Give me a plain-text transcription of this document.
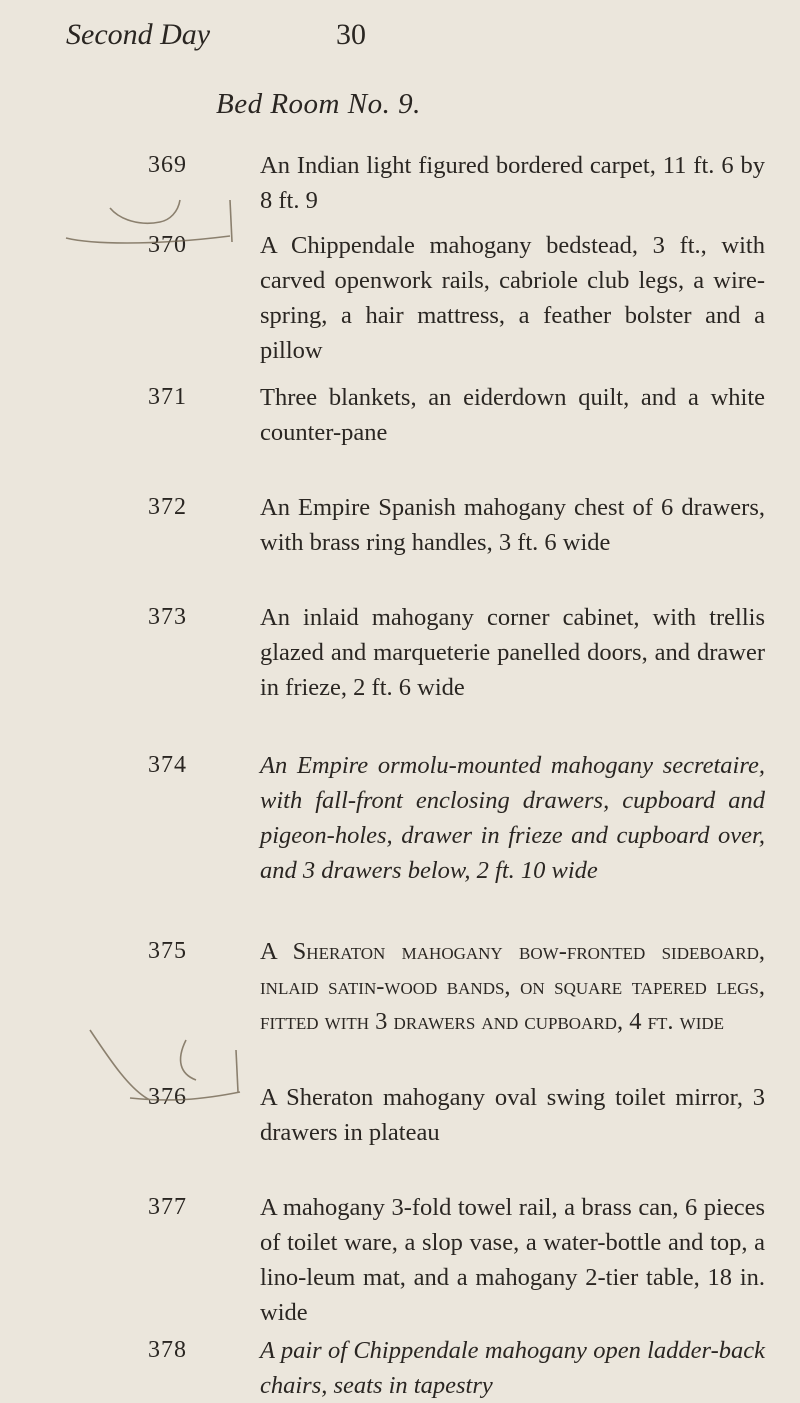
Second Day	30
Bed Room No. 9.
369	An Indian light figured bordered carpet, 11 ft. 6 by 8 ft. 9
370	A Chippendale mahogany bedstead, 3 ft., with carved openwork rails, cabriole club legs, a wire-spring, a hair mattress, a feather bolster and a pillow
371	Three blankets, an eiderdown quilt, and a white counter-pane
372	An Empire Spanish mahogany chest of 6 drawers, with brass ring handles, 3 ft. 6 wide
373	An inlaid mahogany corner cabinet, with trellis glazed and marqueterie panelled doors, and drawer in frieze, 2 ft. 6 wide
374	An Empire ormolu-mounted mahogany secretaire, with fall-front enclosing drawers, cupboard and pigeon-holes, drawer in frieze and cupboard over, and 3 drawers below, 2 ft. 10 wide
375	A Sheraton mahogany bow-fronted sideboard, inlaid satin-wood bands, on square tapered legs, fitted with 3 drawers and cupboard, 4 ft. wide
376	A Sheraton mahogany oval swing toilet mirror, 3 drawers in plateau
377	A mahogany 3-fold towel rail, a brass can, 6 pieces of toilet ware, a slop vase, a water-bottle and top, a lino-leum mat, and a mahogany 2-tier table, 18 in. wide
378	A pair of Chippendale mahogany open ladder-back chairs, seats in tapestry
